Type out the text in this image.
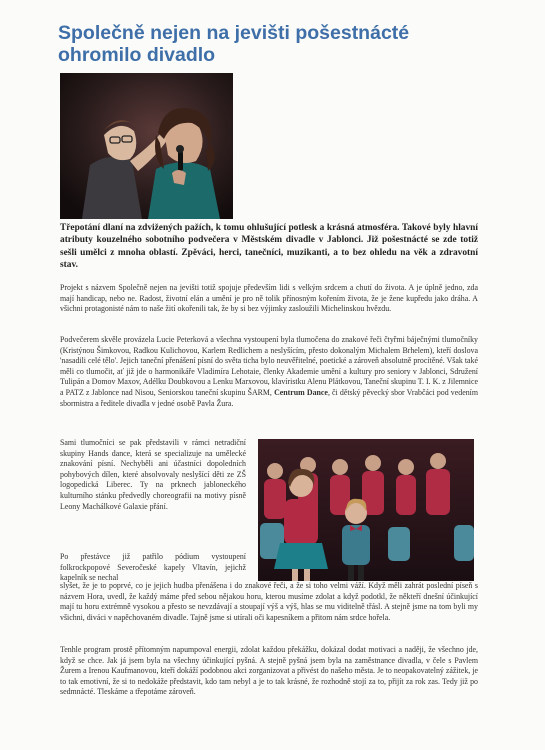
Společně nejen na jevišti pošestnácté ohromilo divadlo

Třepotání dlaní na zdvižených pažích, k tomu ohlušující potlesk a krásná atmosféra. Takové byly hlavní atributy kouzelného sobotního podvečera v Městském divadle v Jablonci. Již pošestnácté se zde totiž sešli umělci z mnoha oblastí. Zpěváci, herci, tanečníci, muzikanti, a to bez ohledu na věk a zdravotní stav.

Projekt s názvem Společně nejen na jevišti totiž spojuje především lidi s velkým srdcem a chutí do života. A je úplně jedno, zda mají handicap, nebo ne. Radost, životní elán a umění je pro ně tolik přínosným kořením života, že je žene kupředu jako dráha. A všichni protagonisté nám to naše žití okořenili tak, že by si bez výjimky zasloužili Michelinskou hvězdu.

Podvečerem skvěle provázela Lucie Peterková a všechna vystoupení byla tlumočena do znakové řeči čtyřmi báječnými tlumočníky (Kristýnou Šimkovou, Radkou Kulichovou, Karlem Redlichem a neslyšícím, přesto dokonalým Michalem Brhelem), kteří doslova 'nasadili celé tělo'. Jejich taneční přenášení písní do světa ticha bylo neuvěřitelné, poetické a zároveň absolutně procítěné. Však také měli co tlumočit, ať již jde o harmonikáře Vladimíra Lehotaie, členky Akademie umění a kultury pro seniory v Jablonci, Sdružení Tulipán a Domov Maxov, Adélku Doubkovou a Lenku Marxovou, klavíristku Alenu Plátkovou, Taneční skupinu T. I. K. z Jilemnice a PATZ z Jablonce nad Nisou, Seniorskou taneční skupinu ŠARM, Centrum Dance, či dětský pěvecký sbor Vrabčáci pod vedením sbormistra a ředitele divadla v jedné osobě Pavla Žura.

Sami tlumočníci se pak představili v rámci netradiční skupiny Hands dance, která se specializuje na umělecké znakování písní. Nechyběli ani účastníci dopoledních pohybových dílen, které absolvovaly neslyšící děti ze ZŠ logopedická Liberec. Ty na prknech jabloneckého kulturního stánku předvedly choreografii na motivy písně Leony Machálkové Galaxie přání.

Po přestávce již patřilo pódium vystoupení folkrockpopové Severočeské kapely Vltavín, jejichž kapelník se nechal

slyšet, že je to poprvé, co je jejich hudba přenášena i do znakové řeči, a že si toho velmi váží. Když měli zahrát poslední píseň s názvem Hora, uvedl, že každý máme před sebou nějakou horu, kterou musíme zdolat a když podotkl, že někteří dnešní účinkující mají tu horu extrémně vysokou a přesto se nevzdávají a stoupají výš a výš, hlas se mu viditelně třásl. A stejně jsme na tom byli my všichni, diváci v napěchovaném divadle. Tajně jsme si utírali oči kapesníkem a přitom nám srdce hořela.

Tenhle program prostě přítomným napumpoval energii, zdolat každou překážku, dokázal dodat motivaci a naději, že všechno jde, když se chce. Jak já jsem byla na všechny účinkující pyšná. A stejně pyšná jsem byla na zaměstnance divadla, v čele s Pavlem Žurem a Irenou Kaufmanovou, kteří dokáží podobnou akci zorganizovat a přivést do našeho města. Je to neopakovatelný zážitek, je to tak emotivní, že si to nedokáže představit, kdo tam nebyl a je to tak krásné, že rozhodně stojí za to, přijít za rok zas. Tedy již po sedmnácté. Tleskáme a třepotáme zároveň.
